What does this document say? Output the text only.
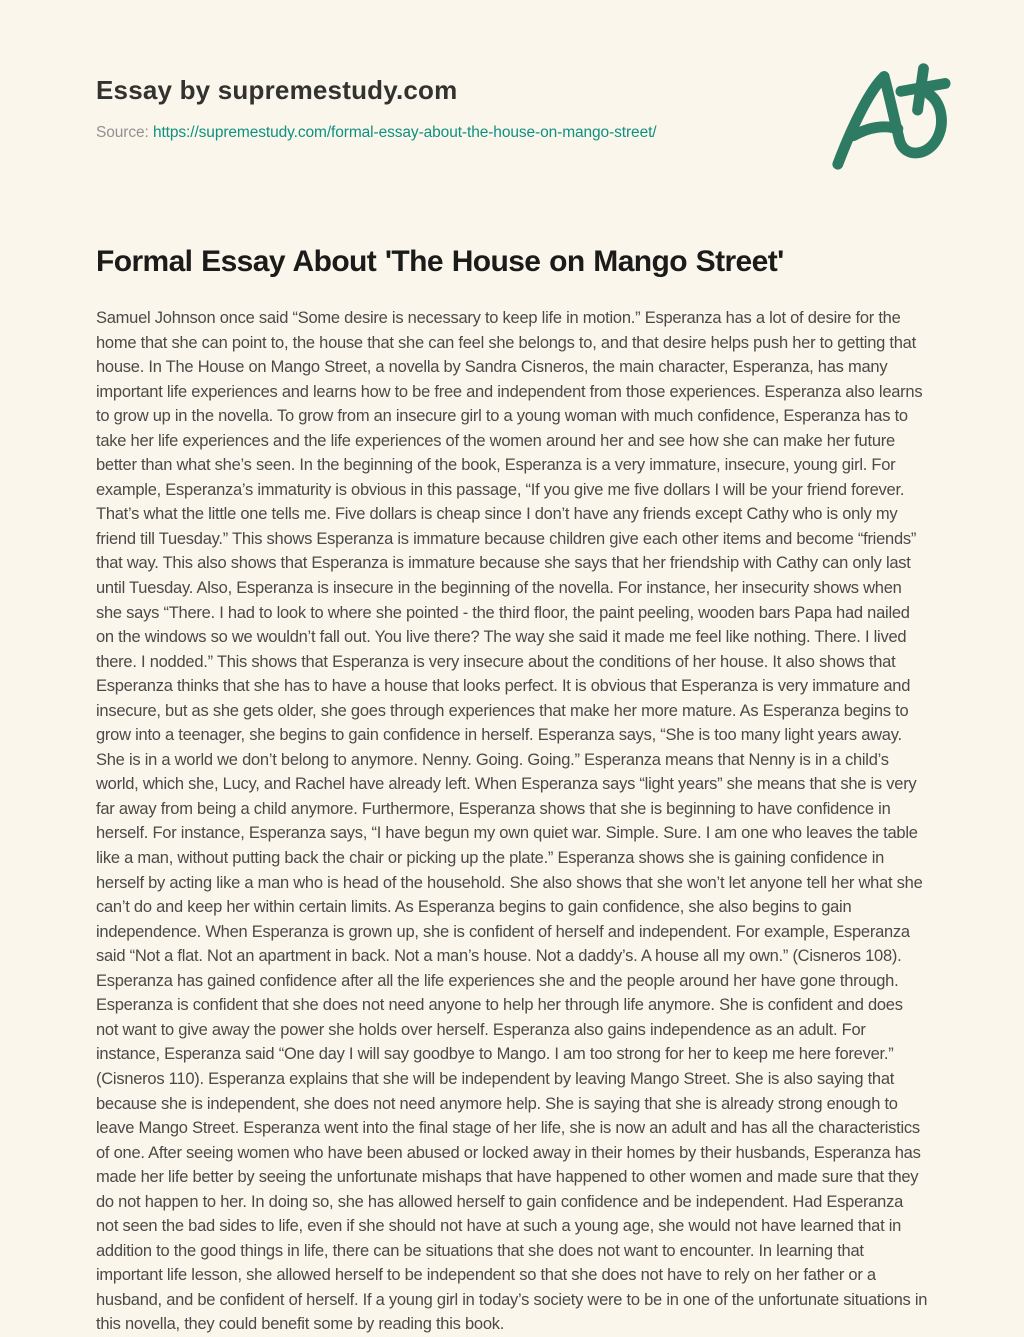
Essay by supremestudy.com
Source: https://supremestudy.com/formal-essay-about-the-house-on-mango-street/
Formal Essay About 'The House on Mango Street'

Samuel Johnson once said “Some desire is necessary to keep life in motion.” Esperanza has a lot of desire for the home that she can point to, the house that she can feel she belongs to, and that desire helps push her to getting that house. In The House on Mango Street, a novella by Sandra Cisneros, the main character, Esperanza, has many important life experiences and learns how to be free and independent from those experiences. Esperanza also learns to grow up in the novella. To grow from an insecure girl to a young woman with much confidence, Esperanza has to take her life experiences and the life experiences of the women around her and see how she can make her future better than what she’s seen. In the beginning of the book, Esperanza is a very immature, insecure, young girl. For example, Esperanza’s immaturity is obvious in this passage, “If you give me five dollars I will be your friend forever. That’s what the little one tells me. Five dollars is cheap since I don’t have any friends except Cathy who is only my friend till Tuesday.” This shows Esperanza is immature because children give each other items and become “friends” that way. This also shows that Esperanza is immature because she says that her friendship with Cathy can only last until Tuesday. Also, Esperanza is insecure in the beginning of the novella. For instance, her insecurity shows when she says “There. I had to look to where she pointed - the third floor, the paint peeling, wooden bars Papa had nailed on the windows so we wouldn’t fall out. You live there? The way she said it made me feel like nothing. There. I lived there. I nodded.” This shows that Esperanza is very insecure about the conditions of her house. It also shows that Esperanza thinks that she has to have a house that looks perfect. It is obvious that Esperanza is very immature and insecure, but as she gets older, she goes through experiences that make her more mature. As Esperanza begins to grow into a teenager, she begins to gain confidence in herself. Esperanza says, “She is too many light years away. She is in a world we don’t belong to anymore. Nenny. Going. Going.” Esperanza means that Nenny is in a child’s world, which she, Lucy, and Rachel have already left. When Esperanza says “light years” she means that she is very far away from being a child anymore. Furthermore, Esperanza shows that she is beginning to have confidence in herself. For instance, Esperanza says, “I have begun my own quiet war. Simple. Sure. I am one who leaves the table like a man, without putting back the chair or picking up the plate.” Esperanza shows she is gaining confidence in herself by acting like a man who is head of the household. She also shows that she won’t let anyone tell her what she can’t do and keep her within certain limits. As Esperanza begins to gain confidence, she also begins to gain independence. When Esperanza is grown up, she is confident of herself and independent. For example, Esperanza said “Not a flat. Not an apartment in back. Not a man’s house. Not a daddy’s. A house all my own.” (Cisneros 108). Esperanza has gained confidence after all the life experiences she and the people around her have gone through. Esperanza is confident that she does not need anyone to help her through life anymore. She is confident and does not want to give away the power she holds over herself. Esperanza also gains independence as an adult. For instance, Esperanza said “One day I will say goodbye to Mango. I am too strong for her to keep me here forever.” (Cisneros 110). Esperanza explains that she will be independent by leaving Mango Street. She is also saying that because she is independent, she does not need anymore help. She is saying that she is already strong enough to leave Mango Street. Esperanza went into the final stage of her life, she is now an adult and has all the characteristics of one. After seeing women who have been abused or locked away in their homes by their husbands, Esperanza has made her life better by seeing the unfortunate mishaps that have happened to other women and made sure that they do not happen to her. In doing so, she has allowed herself to gain confidence and be independent. Had Esperanza not seen the bad sides to life, even if she should not have at such a young age, she would not have learned that in addition to the good things in life, there can be situations that she does not want to encounter. In learning that important life lesson, she allowed herself to be independent so that she does not have to rely on her father or a husband, and be confident of herself. If a young girl in today’s society were to be in one of the unfortunate situations in this novella, they could benefit some by reading this book.
